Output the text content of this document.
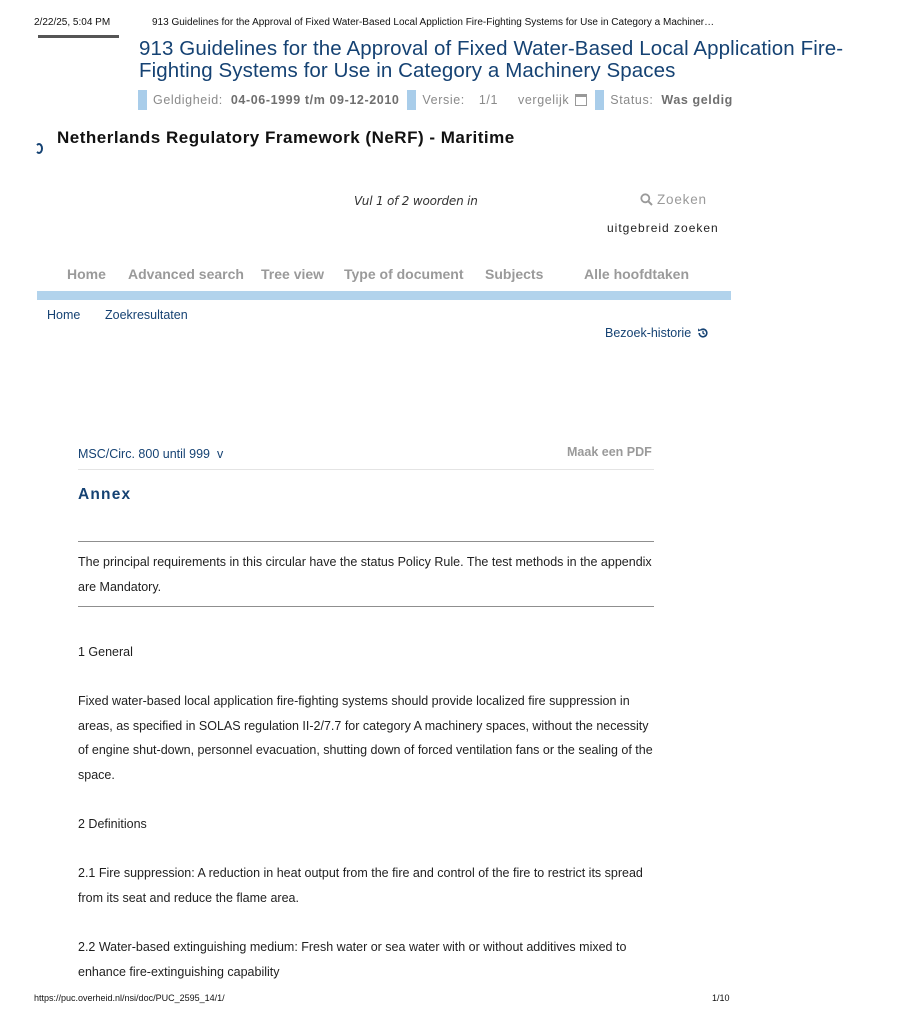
2/22/25, 5:04 PM	913 Guidelines for the Approval of Fixed Water-Based Local Appliction Fire-Fighting Systems for Use in Category a Machiner…
913 Guidelines for the Approval of Fixed Water-Based Local Application Fire-
Fighting Systems for Use in Category a Machinery Spaces
Geldigheid: 04-06-1999 t/m 09-12-2010 Versie: 1/1 vergelijk	Status: Was geldig
Netherlands Regulatory Framework (NeRF) - Maritime
Vul 1 of 2 woorden in	Zoeken
uitgebreid zoeken
Home Advanced search Tree view Type of document Subjects	Alle hoofdtaken
Home Zoekresultaten
Bezoek-historie
MSC/Circ. 800 until 999 v	Maak een PDF
Annex
The principal requirements in this circular have the status Policy Rule. The test methods in the appendix are Mandatory.
1 General
Fixed water-based local application fire-fighting systems should provide localized fire suppression in areas, as specified in SOLAS regulation II-2/7.7 for category A machinery spaces, without the necessity of engine shut-down, personnel evacuation, shutting down of forced ventilation fans or the sealing of the space.
2 Definitions
2.1 Fire suppression: A reduction in heat output from the fire and control of the fire to restrict its spread from its seat and reduce the flame area.
2.2 Water-based extinguishing medium: Fresh water or sea water with or without additives mixed to enhance fire-extinguishing capability
https://puc.overheid.nl/nsi/doc/PUC_2595_14/1/	1/10
